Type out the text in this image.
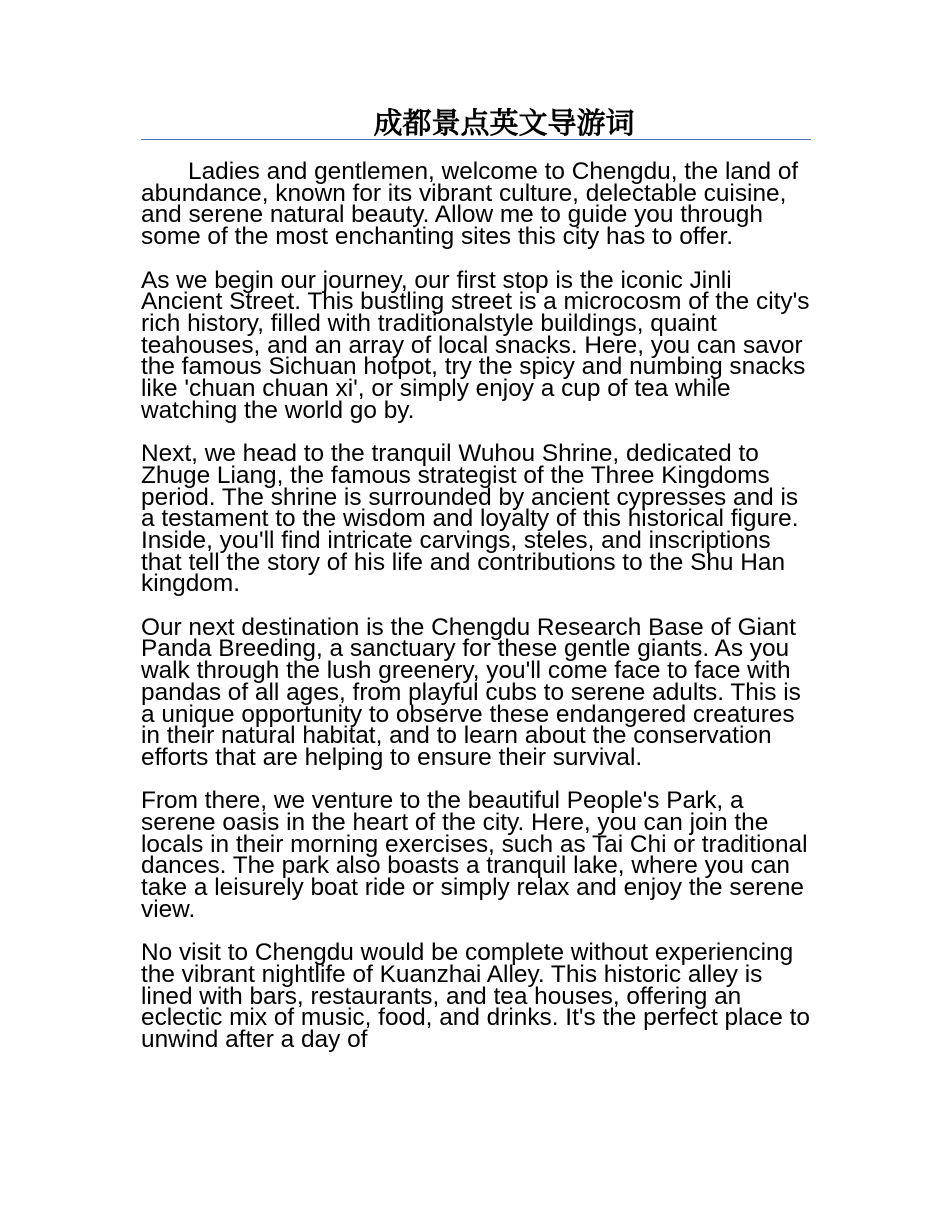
成都景点英文导游词

Ladies and gentlemen, welcome to Chengdu, the land of abundance, known for its vibrant culture, delectable cuisine, and serene natural beauty. Allow me to guide you through some of the most enchanting sites this city has to offer.

As we begin our journey, our first stop is the iconic Jinli Ancient Street. This bustling street is a microcosm of the city's rich history, filled with traditionalstyle buildings, quaint teahouses, and an array of local snacks. Here, you can savor the famous Sichuan hotpot, try the spicy and numbing snacks like 'chuan chuan xi', or simply enjoy a cup of tea while watching the world go by.

Next, we head to the tranquil Wuhou Shrine, dedicated to Zhuge Liang, the famous strategist of the Three Kingdoms period. The shrine is surrounded by ancient cypresses and is a testament to the wisdom and loyalty of this historical figure. Inside, you'll find intricate carvings, steles, and inscriptions that tell the story of his life and contributions to the Shu Han kingdom.

Our next destination is the Chengdu Research Base of Giant Panda Breeding, a sanctuary for these gentle giants. As you walk through the lush greenery, you'll come face to face with pandas of all ages, from playful cubs to serene adults. This is a unique opportunity to observe these endangered creatures in their natural habitat, and to learn about the conservation efforts that are helping to ensure their survival.

From there, we venture to the beautiful People's Park, a serene oasis in the heart of the city. Here, you can join the locals in their morning exercises, such as Tai Chi or traditional dances. The park also boasts a tranquil lake, where you can take a leisurely boat ride or simply relax and enjoy the serene view.

No visit to Chengdu would be complete without experiencing the vibrant nightlife of Kuanzhai Alley. This historic alley is lined with bars, restaurants, and tea houses, offering an eclectic mix of music, food, and drinks. It's the perfect place to unwind after a day of
